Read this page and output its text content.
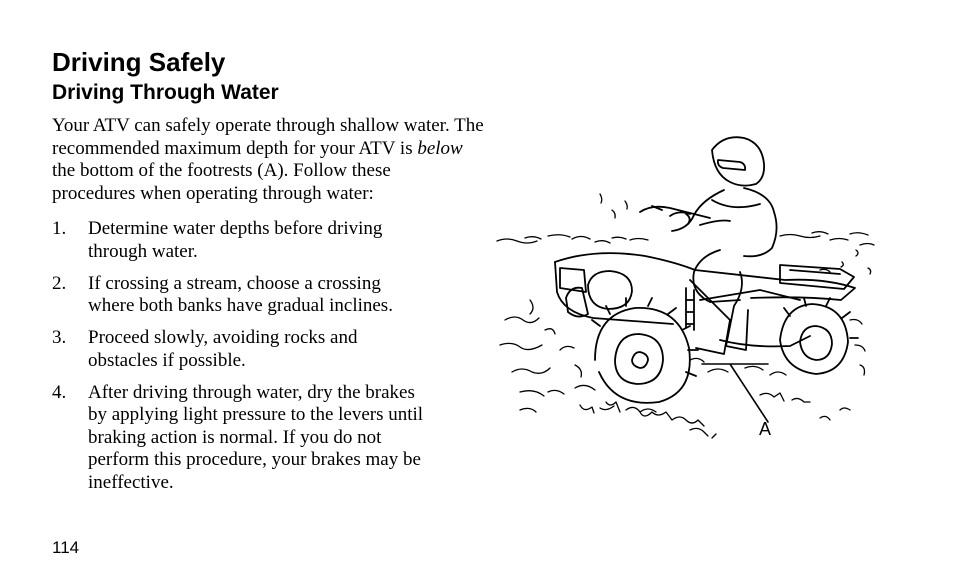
Driving Safely
Driving Through Water

Your ATV can safely operate through shallow water. The
recommended maximum depth for your ATV is below
the bottom of the footrests (A). Follow these
procedures when operating through water:

1. Determine water depths before driving
through water.
2. If crossing a stream, choose a crossing
where both banks have gradual inclines.
3. Proceed slowly, avoiding rocks and
obstacles if possible.
4. After driving through water, dry the brakes
by applying light pressure to the levers until
braking action is normal. If you do not
perform this procedure, your brakes may be
ineffective.
A

114
